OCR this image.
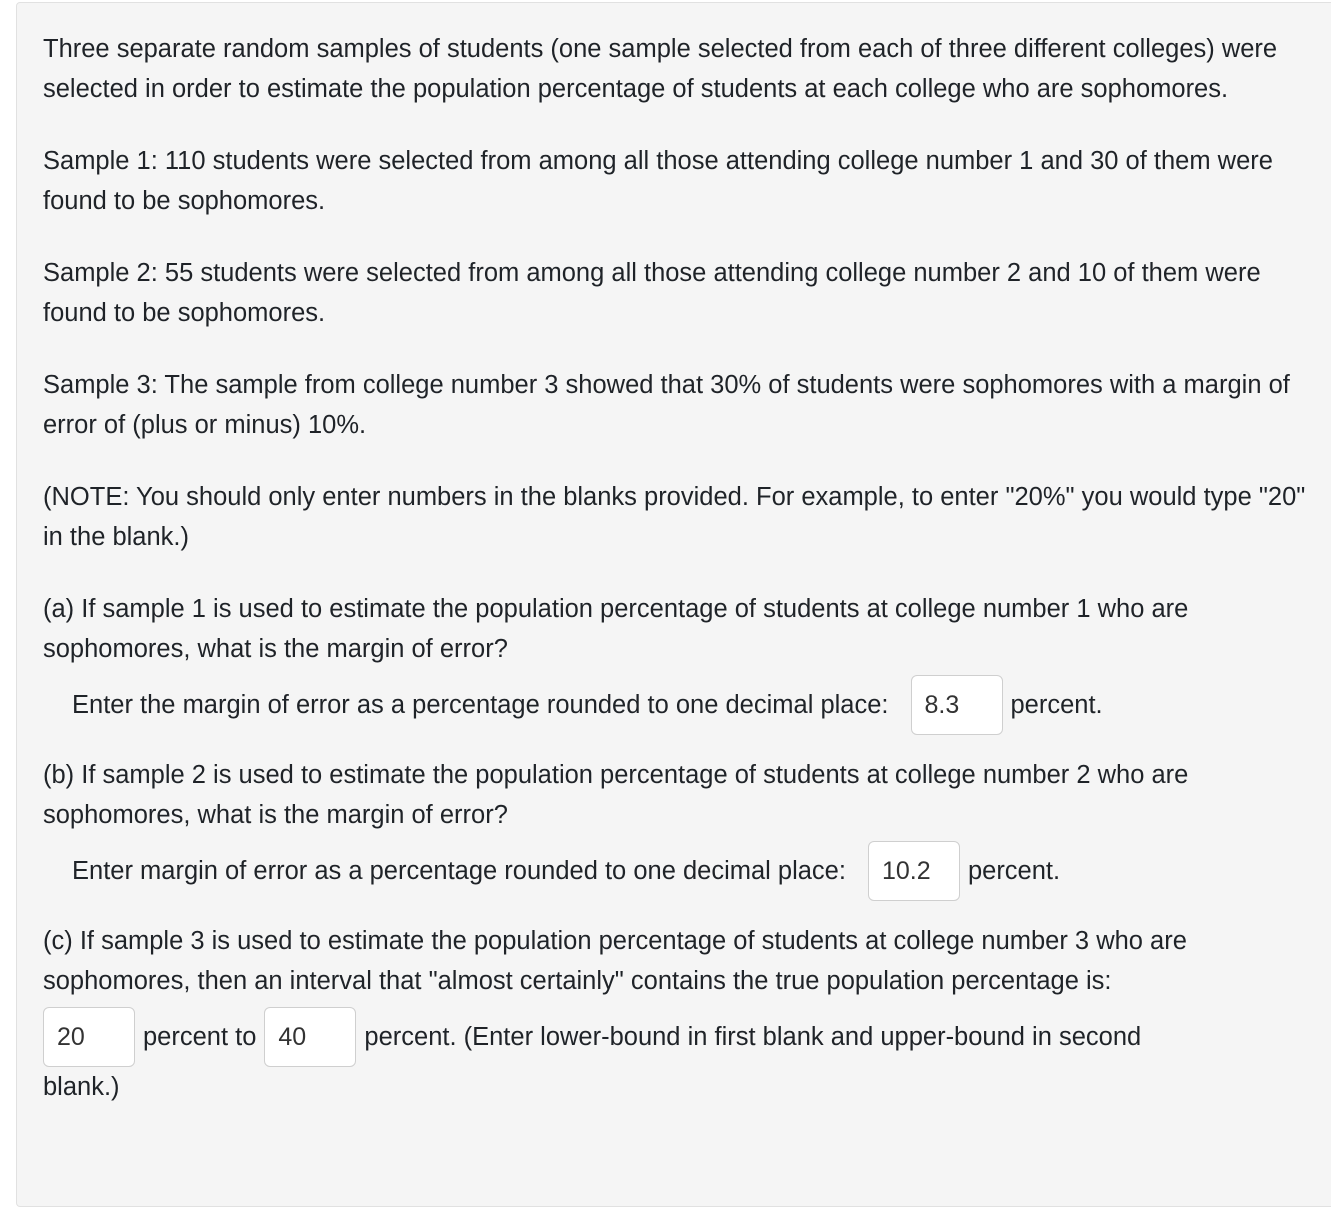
Three separate random samples of students (one sample selected from each of three different colleges) were selected in order to estimate the population percentage of students at each college who are sophomores.

Sample 1: 110 students were selected from among all those attending college number 1 and 30 of them were found to be sophomores.

Sample 2: 55 students were selected from among all those attending college number 2 and 10 of them were found to be sophomores.

Sample 3: The sample from college number 3 showed that 30% of students were sophomores with a margin of error of (plus or minus) 10%.

(NOTE: You should only enter numbers in the blanks provided. For example, to enter "20%" you would type "20" in the blank.)

(a) If sample 1 is used to estimate the population percentage of students at college number 1 who are sophomores, what is the margin of error?

Enter the margin of error as a percentage rounded to one decimal place:	8.3	percent.

(b) If sample 2 is used to estimate the population percentage of students at college number 2 who are sophomores, what is the margin of error?

Enter margin of error as a percentage rounded to one decimal place:	10.2	percent.

(c) If sample 3 is used to estimate the population percentage of students at college number 3 who are sophomores, then an interval that "almost certainly" contains the true population percentage is:

20	percent to 40	percent. (Enter lower-bound in first blank and upper-bound in second

blank.)
